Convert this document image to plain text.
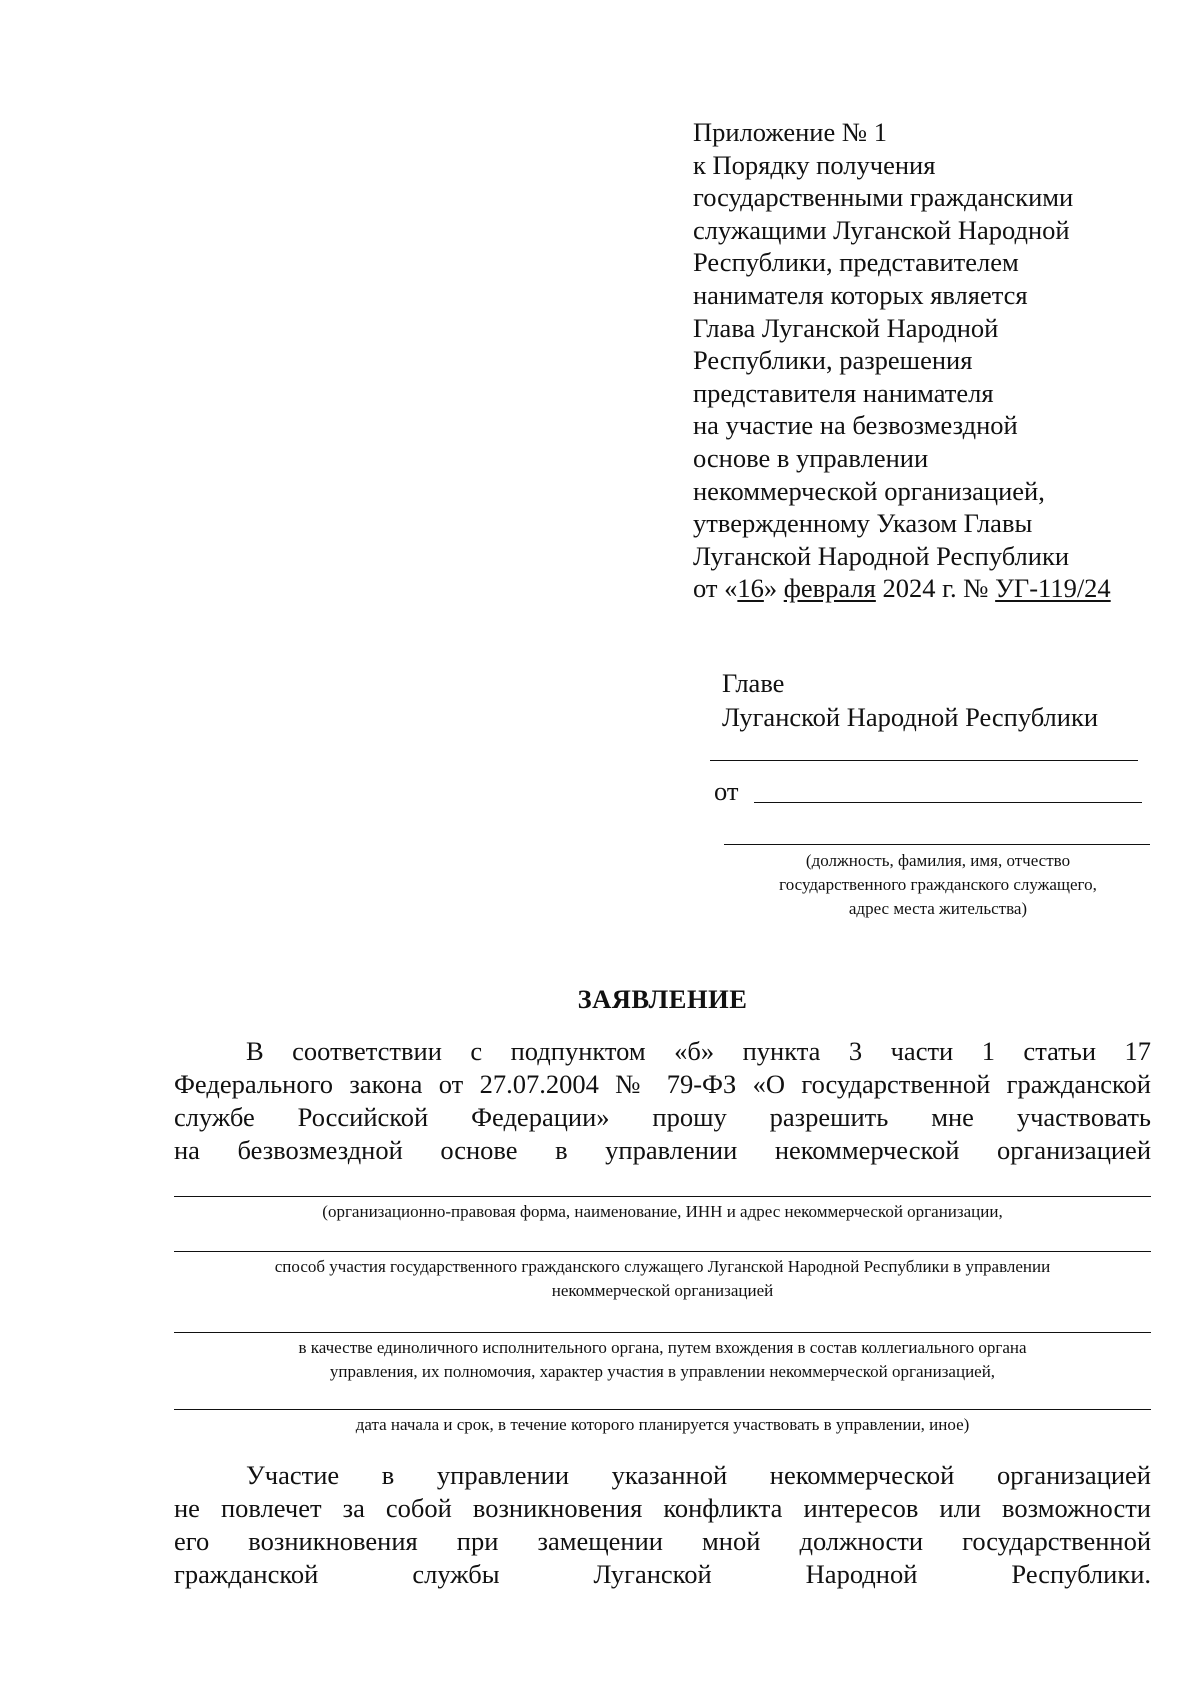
Приложение № 1
к Порядку получения
государственными гражданскими
служащими Луганской Народной
Республики, представителем
нанимателя которых является
Глава Луганской Народной
Республики, разрешения
представителя нанимателя
на участие на безвозмездной
основе в управлении
некоммерческой организацией,
утвержденному Указом Главы
Луганской Народной Республики
от «16» февраля 2024 г. № УГ-119/24
Главе
Луганской Народной Республики
от
(должность, фамилия, имя, отчество
государственного гражданского служащего,
адрес места жительства)
ЗАЯВЛЕНИЕ
В соответствии с подпунктом «б» пункта 3 части 1 статьи 17
Федерального закона от 27.07.2004 № 79-ФЗ «О государственной гражданской
службе Российской Федерации» прошу разрешить мне участвовать
на безвозмездной основе в управлении некоммерческой организацией
(организационно-правовая форма, наименование, ИНН и адрес некоммерческой организации,
способ участия государственного гражданского служащего Луганской Народной Республики в управлении
некоммерческой организацией
в качестве единоличного исполнительного органа, путем вхождения в состав коллегиального органа
управления, их полномочия, характер участия в управлении некоммерческой организацией,
дата начала и срок, в течение которого планируется участвовать в управлении, иное)
Участие в управлении указанной некоммерческой организацией
не повлечет за собой возникновения конфликта интересов или возможности
его возникновения при замещении мной должности государственной
гражданской службы Луганской Народной Республики.
